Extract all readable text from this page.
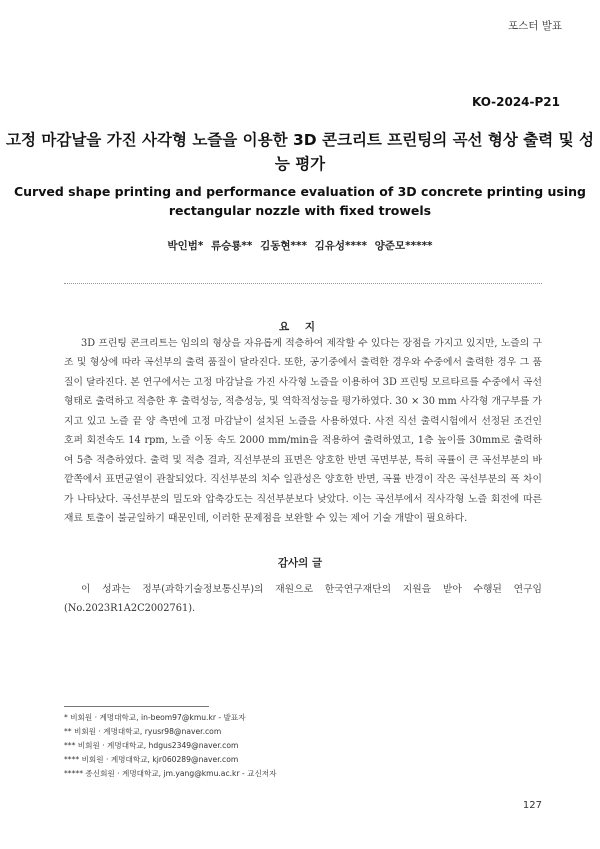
포스터 발표
KO-2024-P21
고정 마감날을 가진 사각형 노즐을 이용한 3D 콘크리트 프린팅의 곡선 형상 출력 및 성능 평가
Curved shape printing and performance evaluation of 3D concrete printing using rectangular nozzle with fixed trowels
박인범* 류승룡** 김동현*** 김유성**** 양준모*****
요 지

3D 프린팅 콘크리트는 임의의 형상을 자유롭게 적층하여 제작할 수 있다는 장점을 가지고 있지만, 노즐의 구조 및 형상에 따라 곡선부의 출력 품질이 달라진다. 또한, 공기중에서 출력한 경우와 수중에서 출력한 경우 그 품질이 달라진다. 본 연구에서는 고정 마감날을 가진 사각형 노즐을 이용하여 3D 프린팅 모르타르를 수중에서 곡선 형태로 출력하고 적층한 후 출력성능, 적층성능, 및 역학적성능을 평가하였다. 30 × 30 mm 사각형 개구부를 가지고 있고 노즐 끝 양 측면에 고정 마감날이 설치된 노즐을 사용하였다. 사전 직선 출력시험에서 선정된 조건인 호퍼 회전속도 14 rpm, 노즐 이동 속도 2000 mm/min을 적용하여 출력하였고, 1층 높이를 30mm로 출력하여 5층 적층하였다. 출력 및 적층 결과, 직선부분의 표면은 양호한 반면 곡면부분, 특히 곡률이 큰 곡선부분의 바깥쪽에서 표면균열이 관찰되었다. 직선부분의 치수 일관성은 양호한 반면, 곡률 반경이 작은 곡선부분의 폭 차이가 나타났다. 곡선부분의 밀도와 압축강도는 직선부분보다 낮았다. 이는 곡선부에서 직사각형 노즐 회전에 따른 재료 토출이 불균일하기 때문인데, 이러한 문제점을 보완할 수 있는 제어 기술 개발이 필요하다.

감사의 글

이 성과는 정부(과학기술정보통신부)의 재원으로 한국연구재단의 지원을 받아 수행된 연구임 (No.2023R1A2C2002761).

* 비회원 · 계명대학교, in-beom97@kmu.kr - 발표자
** 비회원 · 계명대학교, ryusr98@naver.com
*** 비회원 · 계명대학교, hdgus2349@naver.com
**** 비회원 · 계명대학교, kjr060289@naver.com
***** 종신회원 · 계명대학교, jm.yang@kmu.ac.kr - 교신저자
127
